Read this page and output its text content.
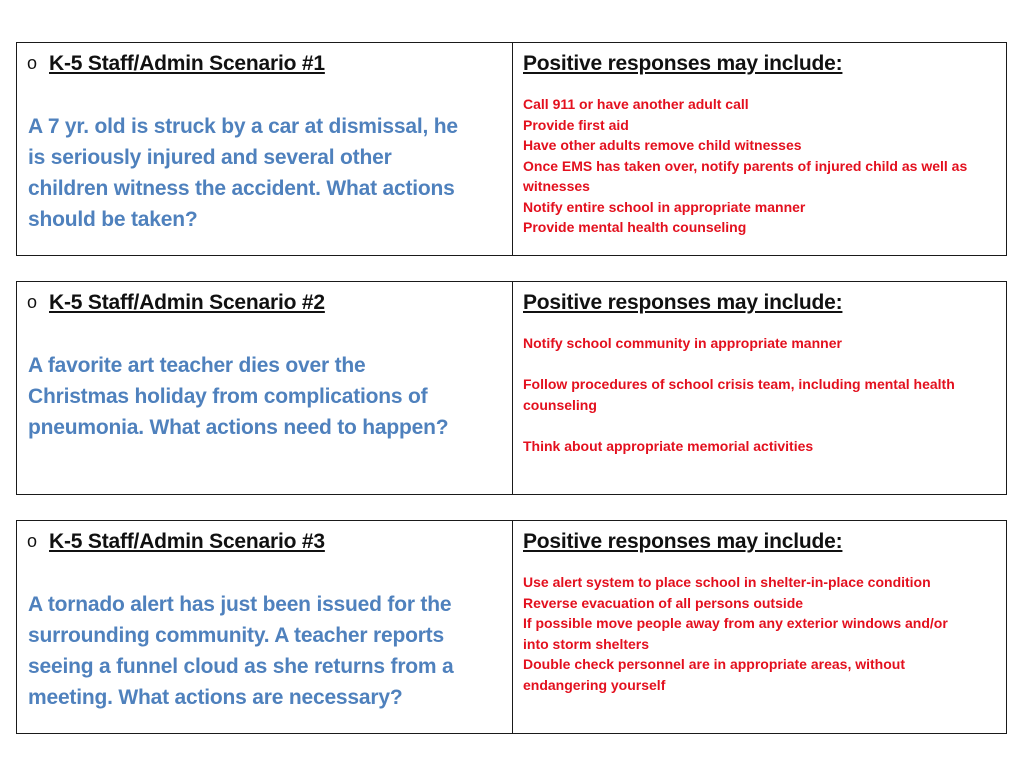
o K-5 Staff/Admin Scenario #1
A 7 yr. old is struck by a car at dismissal, he
is seriously injured and several other
children witness the accident. What actions
should be taken?

Positive responses may include:
Call 911 or have another adult call
Provide first aid
Have other adults remove child witnesses
Once EMS has taken over, notify parents of injured child as well as
witnesses
Notify entire school in appropriate manner
Provide mental health counseling
o K-5 Staff/Admin Scenario #2
A favorite art teacher dies over the
Christmas holiday from complications of
pneumonia. What actions need to happen?

Positive responses may include:
Notify school community in appropriate manner
Follow procedures of school crisis team, including mental health
counseling
Think about appropriate memorial activities
o K-5 Staff/Admin Scenario #3
A tornado alert has just been issued for the
surrounding community. A teacher reports
seeing a funnel cloud as she returns from a
meeting. What actions are necessary?

Positive responses may include:
Use alert system to place school in shelter-in-place condition
Reverse evacuation of all persons outside
If possible move people away from any exterior windows and/or
into storm shelters
Double check personnel are in appropriate areas, without
endangering yourself
